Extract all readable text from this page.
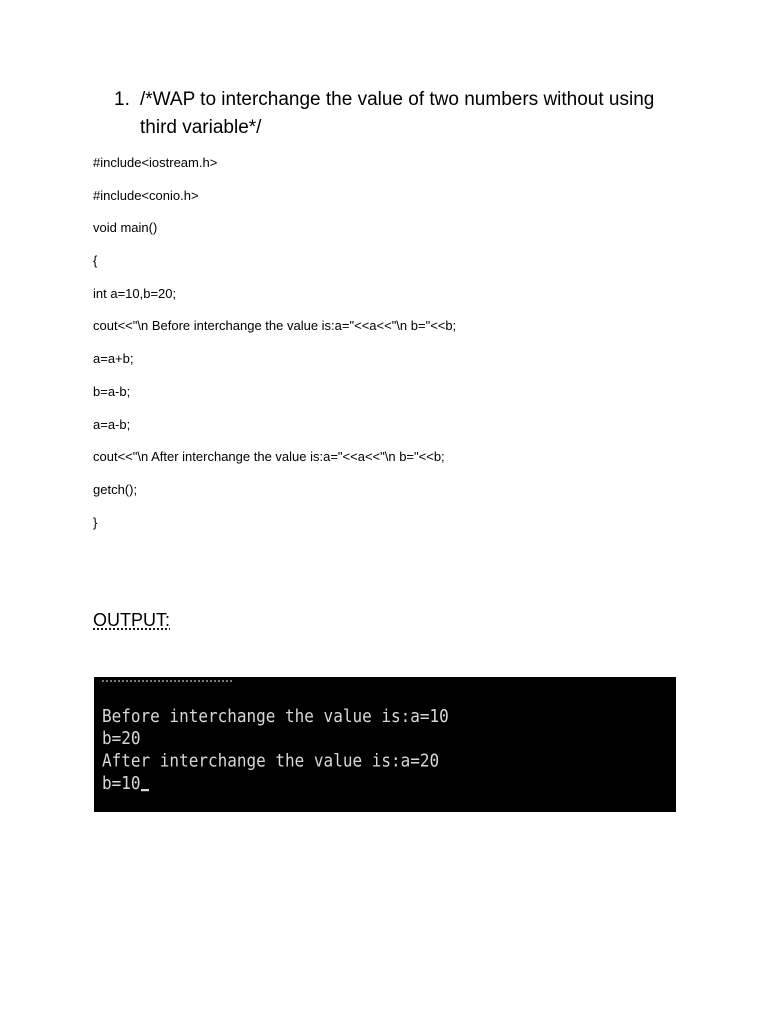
1. /*WAP to interchange the value of two numbers without using third variable*/
#include<iostream.h>
#include<conio.h>
void main()
{
int a=10,b=20;
cout<<"\n Before interchange the value is:a="<<a<<"\n b="<<b;
a=a+b;
b=a-b;
a=a-b;
cout<<"\n After interchange the value is:a="<<a<<"\n b="<<b;
getch();
}
OUTPUT:
Before interchange the value is:a=10
b=20
After interchange the value is:a=20
b=10
